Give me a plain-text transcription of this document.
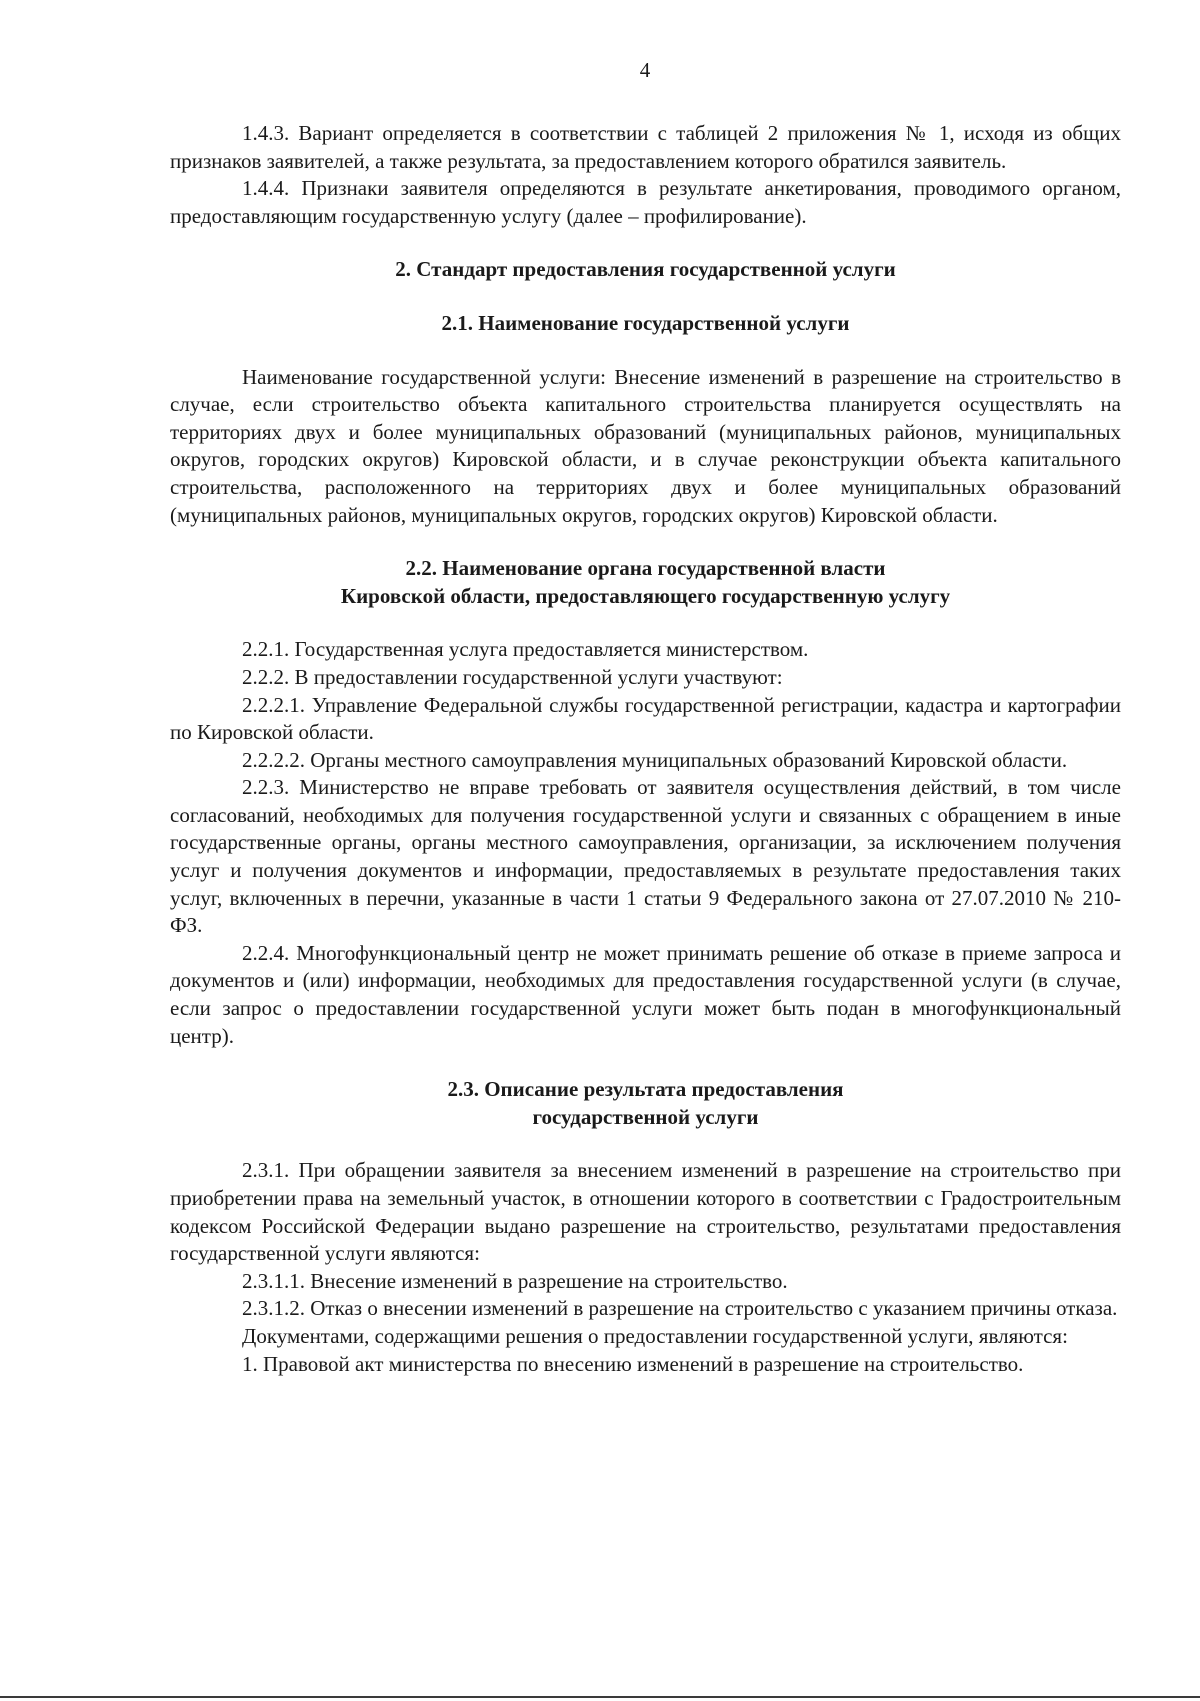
4

1.4.3. Вариант определяется в соответствии с таблицей 2 приложения № 1, исходя из общих признаков заявителей, а также результата, за предоставлением которого обратился заявитель.

1.4.4. Признаки заявителя определяются в результате анкетирования, проводимого органом, предоставляющим государственную услугу (далее – профилирование).

2. Стандарт предоставления государственной услуги
2.1. Наименование государственной услуги

Наименование государственной услуги: Внесение изменений в разрешение на строительство в случае, если строительство объекта капитального строительства планируется осуществлять на территориях двух и более муниципальных образований (муниципальных районов, муниципальных округов, городских округов) Кировской области, и в случае реконструкции объекта капитального строительства, расположенного на территориях двух и более муниципальных образований (муниципальных районов, муниципальных округов, городских округов) Кировской области.

2.2. Наименование органа государственной власти
Кировской области, предоставляющего государственную услугу

2.2.1. Государственная услуга предоставляется министерством.

2.2.2. В предоставлении государственной услуги участвуют:

2.2.2.1. Управление Федеральной службы государственной регистрации, кадастра и картографии по Кировской области.

2.2.2.2. Органы местного самоуправления муниципальных образований Кировской области.

2.2.3. Министерство не вправе требовать от заявителя осуществления действий, в том числе согласований, необходимых для получения государственной услуги и связанных с обращением в иные государственные органы, органы местного самоуправления, организации, за исключением получения услуг и получения документов и информации, предоставляемых в результате предоставления таких услуг, включенных в перечни, указанные в части 1 статьи 9 Федерального закона от 27.07.2010 № 210-ФЗ.

2.2.4. Многофункциональный центр не может принимать решение об отказе в приеме запроса и документов и (или) информации, необходимых для предоставления государственной услуги (в случае, если запрос о предоставлении государственной услуги может быть подан в многофункциональный центр).

2.3. Описание результата предоставления
государственной услуги

2.3.1. При обращении заявителя за внесением изменений в разрешение на строительство при приобретении права на земельный участок, в отношении которого в соответствии с Градостроительным кодексом Российской Федерации выдано разрешение на строительство, результатами предоставления государственной услуги являются:

2.3.1.1. Внесение изменений в разрешение на строительство.

2.3.1.2. Отказ о внесении изменений в разрешение на строительство с указанием причины отказа.

Документами, содержащими решения о предоставлении государственной услуги, являются:

1. Правовой акт министерства по внесению изменений в разрешение на строительство.
